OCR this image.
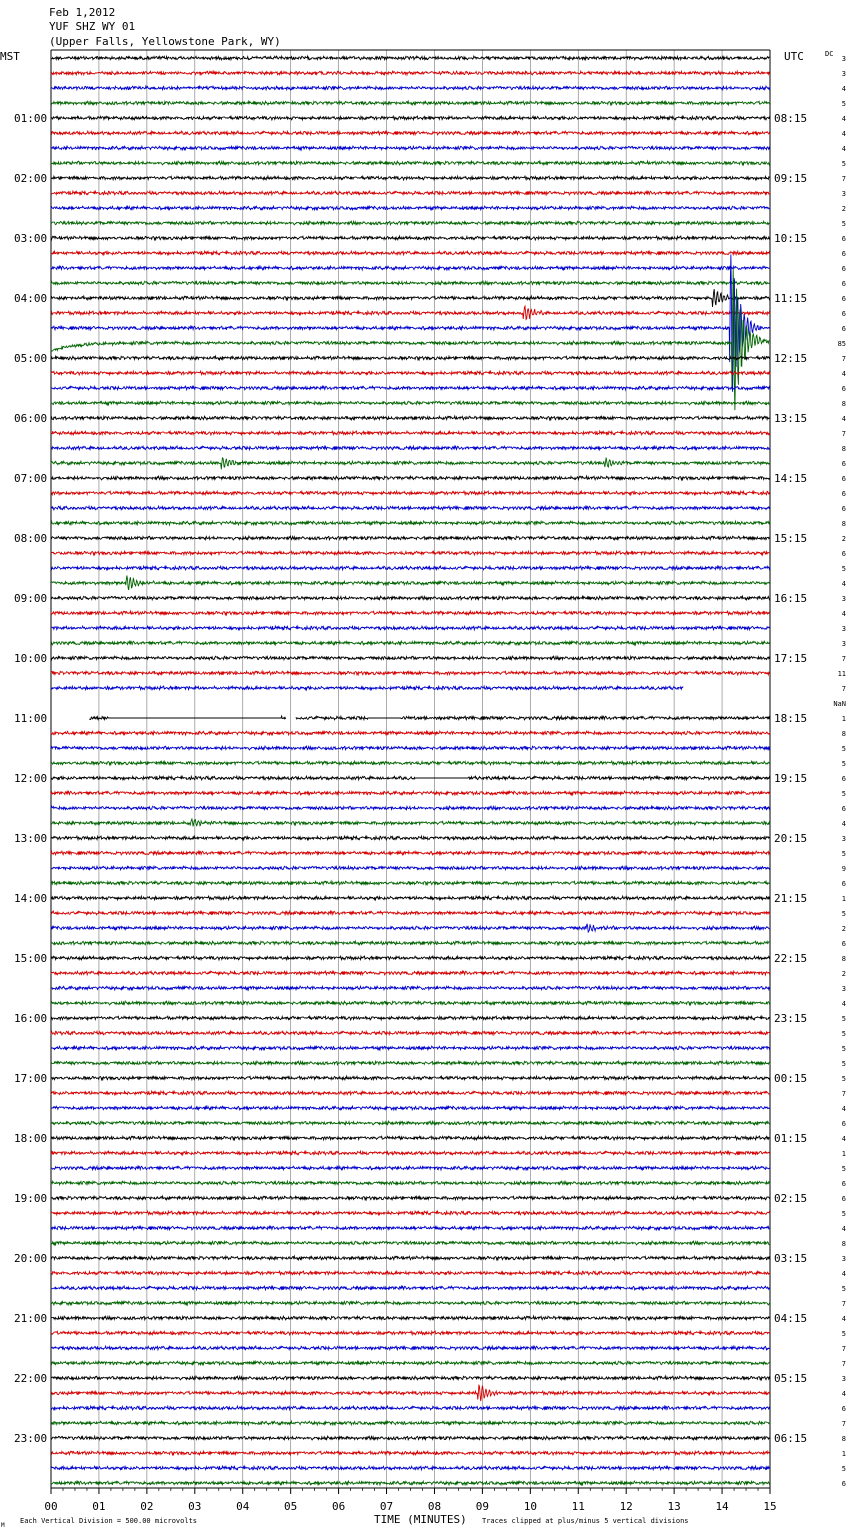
Feb 1,2012
YUF SHZ WY 01
(Upper Falls, Yellowstone Park, WY)
MST	UTC	DC
01:00
02:00
03:00
04:00
05:00
06:00
07:00
08:00
09:00
10:00
11:00
12:00
13:00
14:00
15:00
16:00
17:00
18:00
19:00
20:00
21:00
22:00
23:00
08:15
09:15
10:15
11:15
12:15
13:15
14:15
15:15
16:15
17:15
18:15
19:15
20:15
21:15
22:15
23:15
00:15
01:15
02:15
03:15
04:15
05:15
06:15
3
3
4
5
4
4
4
5
7
3
2
5
6
6
6
6
6
6
6
85
7
4
6
8
4
7
8
6
6
6
6
8
2
6
5
4
3
4
3
3
7
11
7
NaN
1
8
5
5
6
5
6
4
3
5
9
6
1
5
2
6
8
2
3
4
5
5
5
5
5
7
4
6
4
1
5
6
6
5
4
8
3
4
5
7
4
5
7
7
3
4
6
7
8
1
5
6
00	01	02	03	04	05	06	07	08	09	10	11	12	13	14	15
TIME (MINUTES)
Each Vertical Division = 500.00 microvolts	Traces clipped at plus/minus 5 vertical divisions
M
